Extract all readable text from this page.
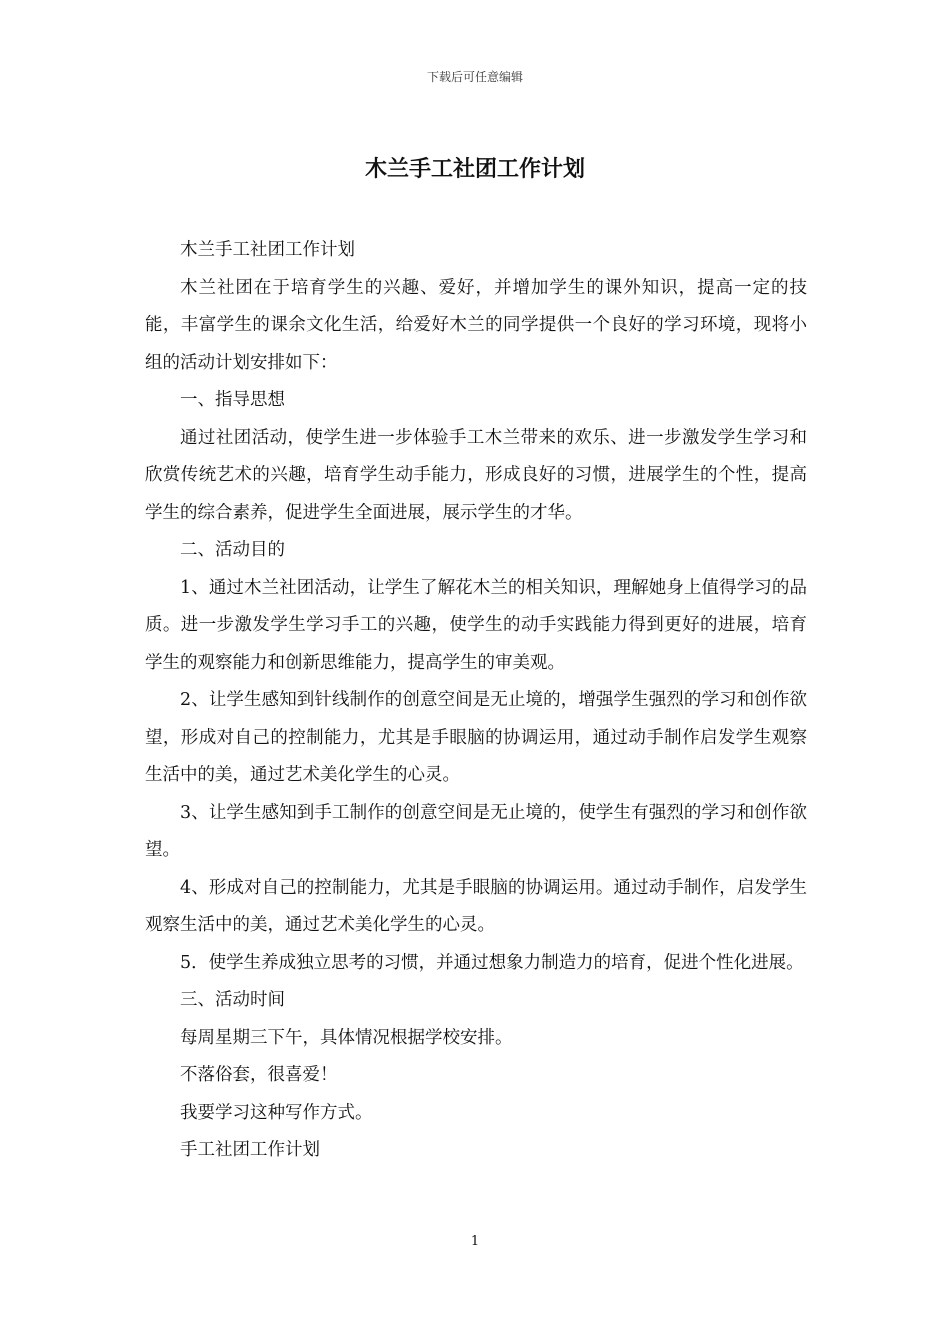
下载后可任意编辑
木兰手工社团工作计划

木兰手工社团工作计划

木兰社团在于培育学生的兴趣、爱好，并增加学生的课外知识，提高一定的技能，丰富学生的课余文化生活，给爱好木兰的同学提供一个良好的学习环境，现将小组的活动计划安排如下：

一、指导思想

通过社团活动，使学生进一步体验手工木兰带来的欢乐、进一步激发学生学习和欣赏传统艺术的兴趣，培育学生动手能力，形成良好的习惯，进展学生的个性，提高学生的综合素养，促进学生全面进展，展示学生的才华。

二、活动目的

1、通过木兰社团活动，让学生了解花木兰的相关知识，理解她身上值得学习的品质。进一步激发学生学习手工的兴趣，使学生的动手实践能力得到更好的进展，培育学生的观察能力和创新思维能力，提高学生的审美观。

2、让学生感知到针线制作的创意空间是无止境的，增强学生强烈的学习和创作欲望，形成对自己的控制能力，尤其是手眼脑的协调运用，通过动手制作启发学生观察生活中的美，通过艺术美化学生的心灵。

3、让学生感知到手工制作的创意空间是无止境的，使学生有强烈的学习和创作欲望。

4、形成对自己的控制能力，尤其是手眼脑的协调运用。通过动手制作，启发学生观察生活中的美，通过艺术美化学生的心灵。

5．使学生养成独立思考的习惯，并通过想象力制造力的培育，促进个性化进展。

三、活动时间

每周星期三下午，具体情况根据学校安排。

不落俗套，很喜爱！

我要学习这种写作方式。

手工社团工作计划

1
